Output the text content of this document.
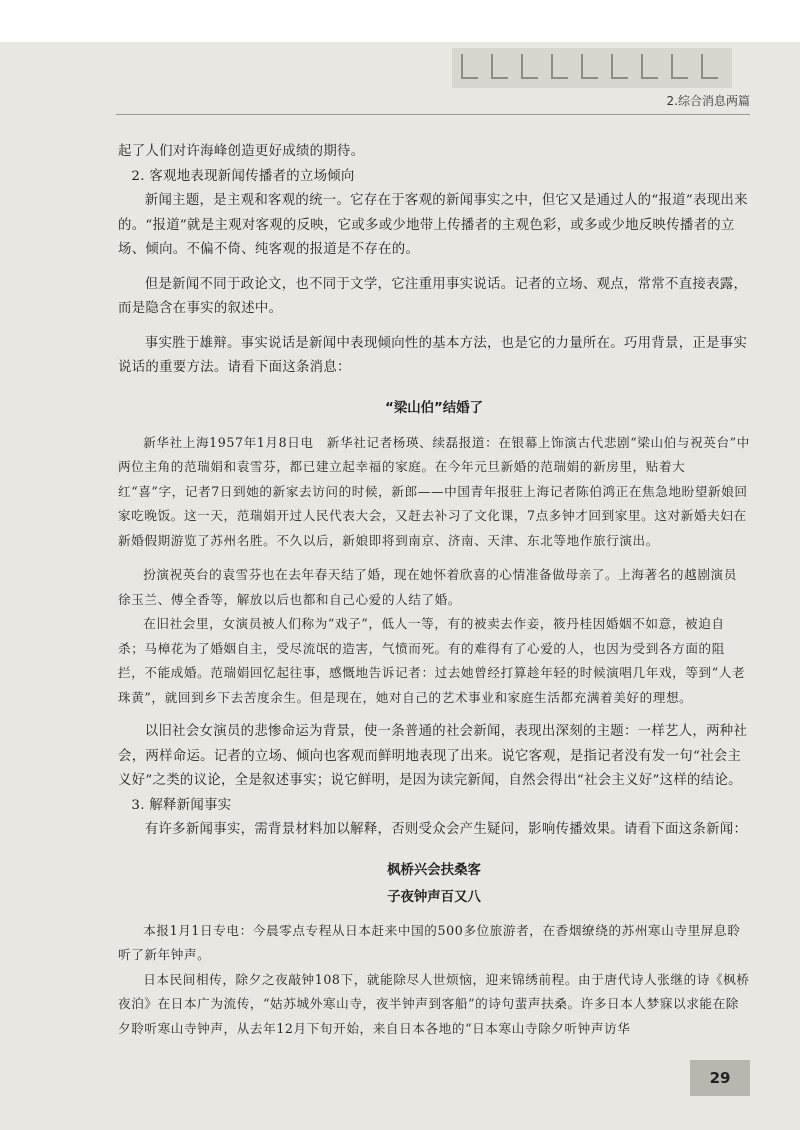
2.综合消息两篇

起了人们对许海峰创造更好成绩的期待。

2. 客观地表现新闻传播者的立场倾向

新闻主题，是主观和客观的统一。它存在于客观的新闻事实之中，但它又是通过人的“报道”表现出来的。“报道”就是主观对客观的反映，它或多或少地带上传播者的主观色彩，或多或少地反映传播者的立场、倾向。不偏不倚、纯客观的报道是不存在的。

但是新闻不同于政论文，也不同于文学，它注重用事实说话。记者的立场、观点，常常不直接表露，而是隐含在事实的叙述中。

事实胜于雄辩。事实说话是新闻中表现倾向性的基本方法，也是它的力量所在。巧用背景，正是事实说话的重要方法。请看下面这条消息：

“梁山伯”结婚了

新华社上海1957年1月8日电　新华社记者杨瑛、续磊报道：在银幕上饰演古代悲剧“梁山伯与祝英台”中两位主角的范瑞娟和袁雪芬，都已建立起幸福的家庭。在今年元旦新婚的范瑞娟的新房里，贴着大红“喜”字，记者7日到她的新家去访问的时候，新郎——中国青年报驻上海记者陈伯鸿正在焦急地盼望新娘回家吃晚饭。这一天，范瑞娟开过人民代表大会，又赶去补习了文化课，7点多钟才回到家里。这对新婚夫妇在新婚假期游览了苏州名胜。不久以后，新娘即将到南京、济南、天津、东北等地作旅行演出。

扮演祝英台的袁雪芬也在去年春天结了婚，现在她怀着欣喜的心情准备做母亲了。上海著名的越剧演员徐玉兰、傅全香等，解放以后也都和自己心爱的人结了婚。

在旧社会里，女演员被人们称为“戏子”，低人一等，有的被卖去作妾，筱丹桂因婚姻不如意，被迫自杀；马樟花为了婚姻自主，受尽流氓的造害，气愤而死。有的难得有了心爱的人，也因为受到各方面的阻拦，不能成婚。范瑞娟回忆起往事，感慨地告诉记者：过去她曾经打算趁年轻的时候演唱几年戏，等到“人老珠黄”，就回到乡下去苦度余生。但是现在，她对自己的艺术事业和家庭生活都充满着美好的理想。

以旧社会女演员的悲惨命运为背景，使一条普通的社会新闻，表现出深刻的主题：一样艺人，两种社会，两样命运。记者的立场、倾向也客观而鲜明地表现了出来。说它客观，是指记者没有发一句“社会主义好”之类的议论，全是叙述事实；说它鲜明，是因为读完新闻，自然会得出“社会主义好”这样的结论。

3. 解释新闻事实

有许多新闻事实，需背景材料加以解释，否则受众会产生疑问，影响传播效果。请看下面这条新闻：

枫桥兴会扶桑客
子夜钟声百又八

本报1月1日专电：今晨零点专程从日本赶来中国的500多位旅游者，在香烟缭绕的苏州寒山寺里屏息聆听了新年钟声。

日本民间相传，除夕之夜敲钟108下，就能除尽人世烦恼，迎来锦绣前程。由于唐代诗人张继的诗《枫桥夜泊》在日本广为流传，“姑苏城外寒山寺，夜半钟声到客船”的诗句蜚声扶桑。许多日本人梦寐以求能在除夕聆听寒山寺钟声，从去年12月下旬开始，来自日本各地的“日本寒山寺除夕听钟声访华

29
